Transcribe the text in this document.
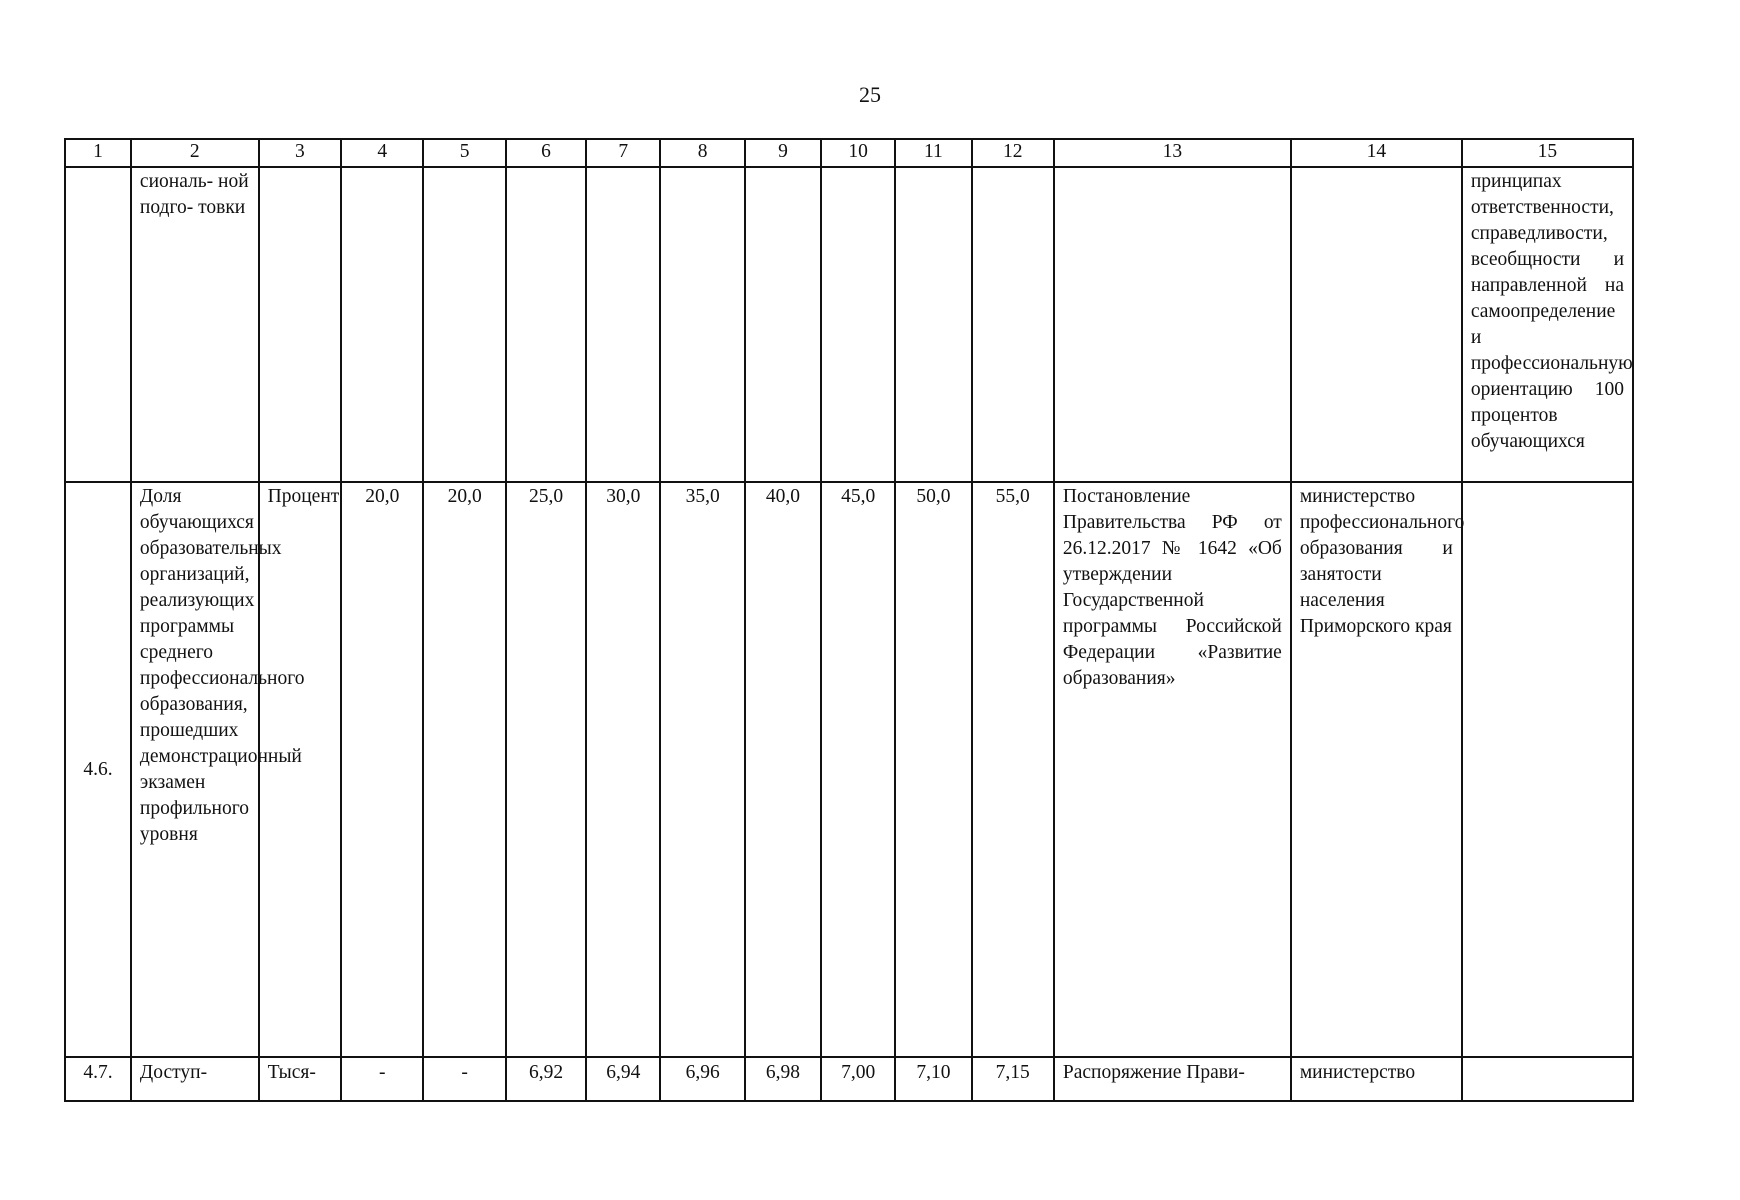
25
1	2	3	4	5	6	7	8	9	10	11	12	13	14	15
	сиональ- ной подго- товки													принципах ответственности, справедливости, всеобщности и направленной на самоопределение и профессиональную ориентацию 100 процентов обучающихся
4.6.	Доля обучающихся образовательных организаций, реализующих программы среднего профессионального образования, прошедших демонстрационный экзамен профильного уровня	Процент	20,0	20,0	25,0	30,0	35,0	40,0	45,0	50,0	55,0	Постановление Правительства РФ от 26.12.2017 № 1642 «Об утверждении Государственной программы Российской Федерации «Развитие образования»	министерство профессионального образования и занятости населения Приморского края	
4.7.	Доступ-	Тыся-	-	-	6,92	6,94	6,96	6,98	7,00	7,10	7,15	Распоряжение Прави-	министерство	
